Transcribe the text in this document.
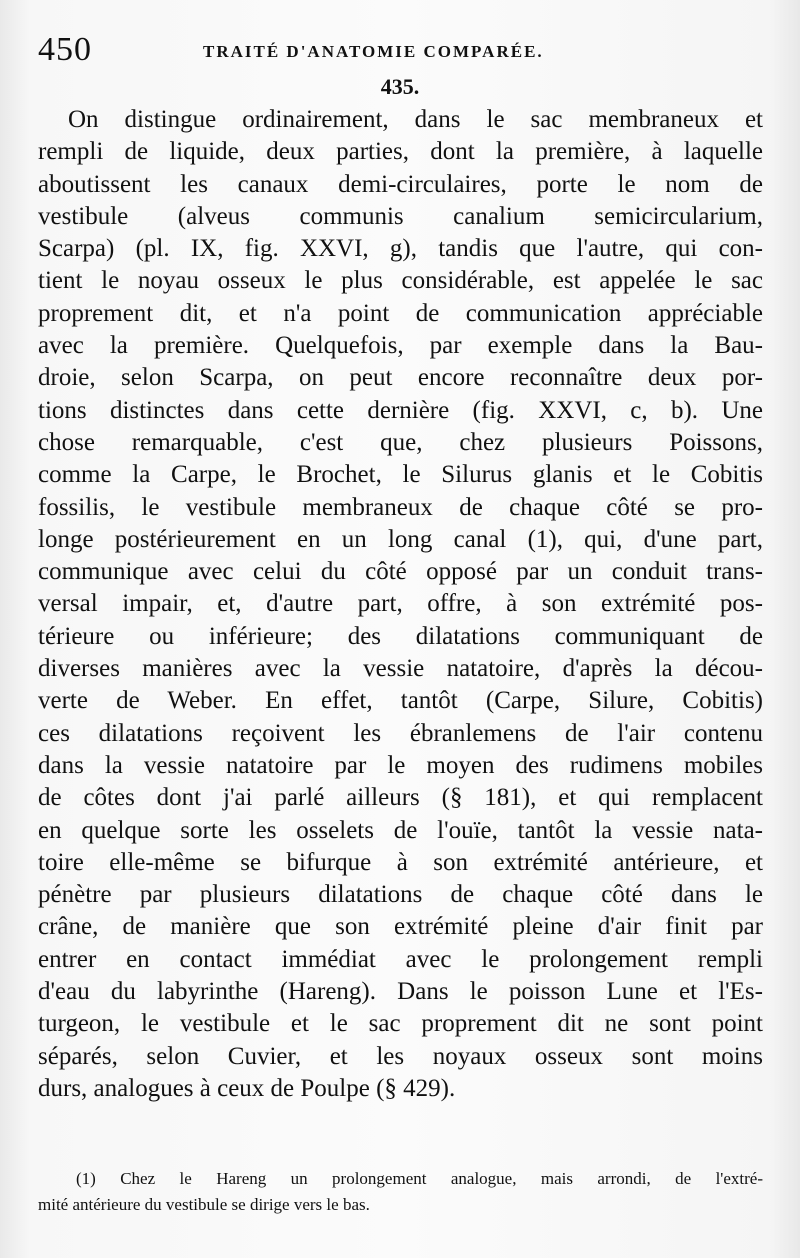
450	TRAITÉ D'ANATOMIE COMPARÉE.
435.
On distingue ordinairement, dans le sac membraneux et
rempli de liquide, deux parties, dont la première, à laquelle
aboutissent les canaux demi-circulaires, porte le nom de
vestibule (alveus communis canalium semicircularium,
Scarpa) (pl. IX, fig. XXVI, g), tandis que l'autre, qui con-
tient le noyau osseux le plus considérable, est appelée le sac
proprement dit, et n'a point de communication appréciable
avec la première. Quelquefois, par exemple dans la Bau-
droie, selon Scarpa, on peut encore reconnaître deux por-
tions distinctes dans cette dernière (fig. XXVI, c, b). Une
chose remarquable, c'est que, chez plusieurs Poissons,
comme la Carpe, le Brochet, le Silurus glanis et le Cobitis
fossilis, le vestibule membraneux de chaque côté se pro-
longe postérieurement en un long canal (1), qui, d'une part,
communique avec celui du côté opposé par un conduit trans-
versal impair, et, d'autre part, offre, à son extrémité pos-
térieure ou inférieure; des dilatations communiquant de
diverses manières avec la vessie natatoire, d'après la décou-
verte de Weber. En effet, tantôt (Carpe, Silure, Cobitis)
ces dilatations reçoivent les ébranlemens de l'air contenu
dans la vessie natatoire par le moyen des rudimens mobiles
de côtes dont j'ai parlé ailleurs (§ 181), et qui remplacent
en quelque sorte les osselets de l'ouïe, tantôt la vessie nata-
toire elle-même se bifurque à son extrémité antérieure, et
pénètre par plusieurs dilatations de chaque côté dans le
crâne, de manière que son extrémité pleine d'air finit par
entrer en contact immédiat avec le prolongement rempli
d'eau du labyrinthe (Hareng). Dans le poisson Lune et l'Es-
turgeon, le vestibule et le sac proprement dit ne sont point
séparés, selon Cuvier, et les noyaux osseux sont moins
durs, analogues à ceux de Poulpe (§ 429).
(1) Chez le Hareng un prolongement analogue, mais arrondi, de l'extré-
mité antérieure du vestibule se dirige vers le bas.
